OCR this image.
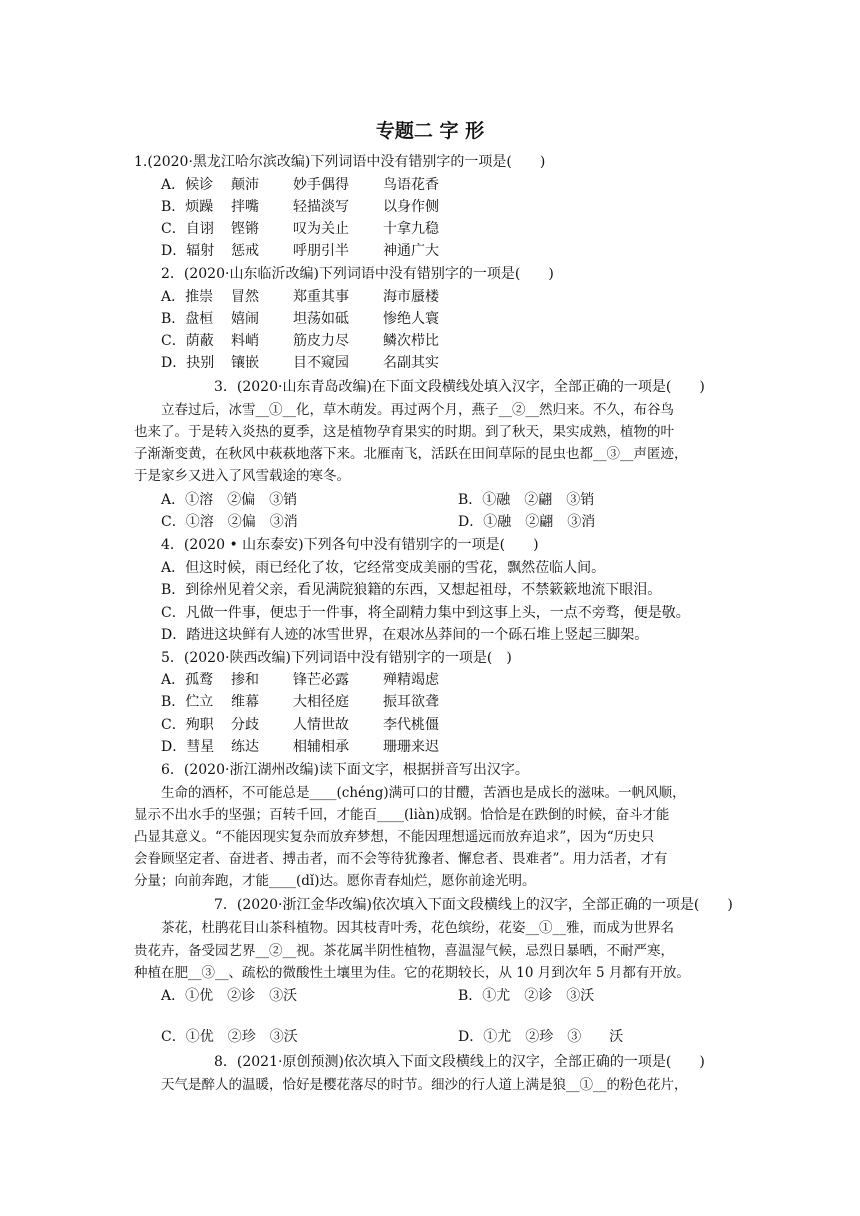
专题二 字 形
1.(2020·黑龙江哈尔滨改编)下列词语中没有错别字的一项是(　　)
A．候诊 颠沛 妙手偶得 鸟语花香
B．烦躁 拌嘴 轻描淡写 以身作侧
C．自诩 铿锵 叹为关止 十拿九稳
D．辐射 惩戒 呼朋引半 神通广大
2．(2020·山东临沂改编)下列词语中没有错别字的一项是(　　)
A．推崇 冒然 郑重其事 海市蜃楼
B．盘桓 嬉闹 坦荡如砥 惨绝人寰
C．荫蔽 料峭 筋皮力尽 鳞次栉比
D．抉别 镶嵌 目不窥园 名副其实
3．(2020·山东青岛改编)在下面文段横线处填入汉字，全部正确的一项是(　　)
立春过后，冰雪__①__化，草木萌发。再过两个月，燕子__②__然归来。不久，布谷鸟
也来了。于是转入炎热的夏季，这是植物孕育果实的时期。到了秋天，果实成熟，植物的叶
子渐渐变黄，在秋风中萩萩地落下来。北雁南飞，活跃在田间草际的昆虫也都__③__声匿迹，
于是家乡又进入了风雪载途的寒冬。
A．①溶　②偏　③销	B．①融　②翩　③销
C．①溶　②偏　③消	D．①融　②翩　③消
4．(2020 • 山东泰安)下列各句中没有错别字的一项是(　　)
A．但这时候，雨已经化了妆，它经常变成美丽的雪花，飘然莅临人间。
B．到徐州见着父亲，看见满院狼籍的东西，又想起祖母，不禁簌簌地流下眼泪。
C．凡做一件事，便忠于一件事，将全副精力集中到这事上头，一点不旁骛，便是敬。
D．踏进这块鲜有人迹的冰雪世界，在艰冰丛莽间的一个砾石堆上竖起三脚架。
5．(2020·陕西改编)下列词语中没有错别字的一项是(　)
A．孤鹜 掺和 锋芒必露 殚精竭虑
B．伫立 维幕 大相径庭 振耳欲聋
C．殉职 分歧 人情世故 李代桃僵
D．彗星 练达 相辅相承 珊珊来迟
6．(2020·浙江湖州改编)读下面文字，根据拼音写出汉字。
生命的酒杯，不可能总是____(chéng)满可口的甘醴，苦酒也是成长的滋味。一帆风顺，
显示不出水手的坚强；百转千回，才能百____(liàn)成钢。恰恰是在跌倒的时候，奋斗才能
凸显其意义。“不能因现实复杂而放弃梦想，不能因理想遥远而放弃追求”，因为“历史只
会眷顾坚定者、奋进者、搏击者，而不会等待犹豫者、懈怠者、畏难者”。用力活者，才有
分量；向前奔跑，才能____(dǐ)达。愿你青春灿烂，愿你前途光明。
7．(2020·浙江金华改编)依次填入下面文段横线上的汉字，全部正确的一项是(　　)
茶花，杜鹃花目山茶科植物。因其枝青叶秀，花色缤纷，花姿__①__雅，而成为世界名
贵花卉，备受园艺界__②__视。茶花属半阴性植物，喜温湿气候，忌烈日暴晒，不耐严寒，
种植在肥__③__、疏松的微酸性土壤里为佳。它的花期较长，从 10 月到次年 5 月都有开放。
A．①优　②诊　③沃	B．①尤　②诊　③沃
C．①优　②珍　③沃	D．①尤　②珍　③　　沃
8．(2021·原创预测)依次填入下面文段横线上的汉字，全部正确的一项是(　　)
天气是醉人的温暖，恰好是樱花落尽的时节。细沙的行人道上满是狼__①__的粉色花片，
